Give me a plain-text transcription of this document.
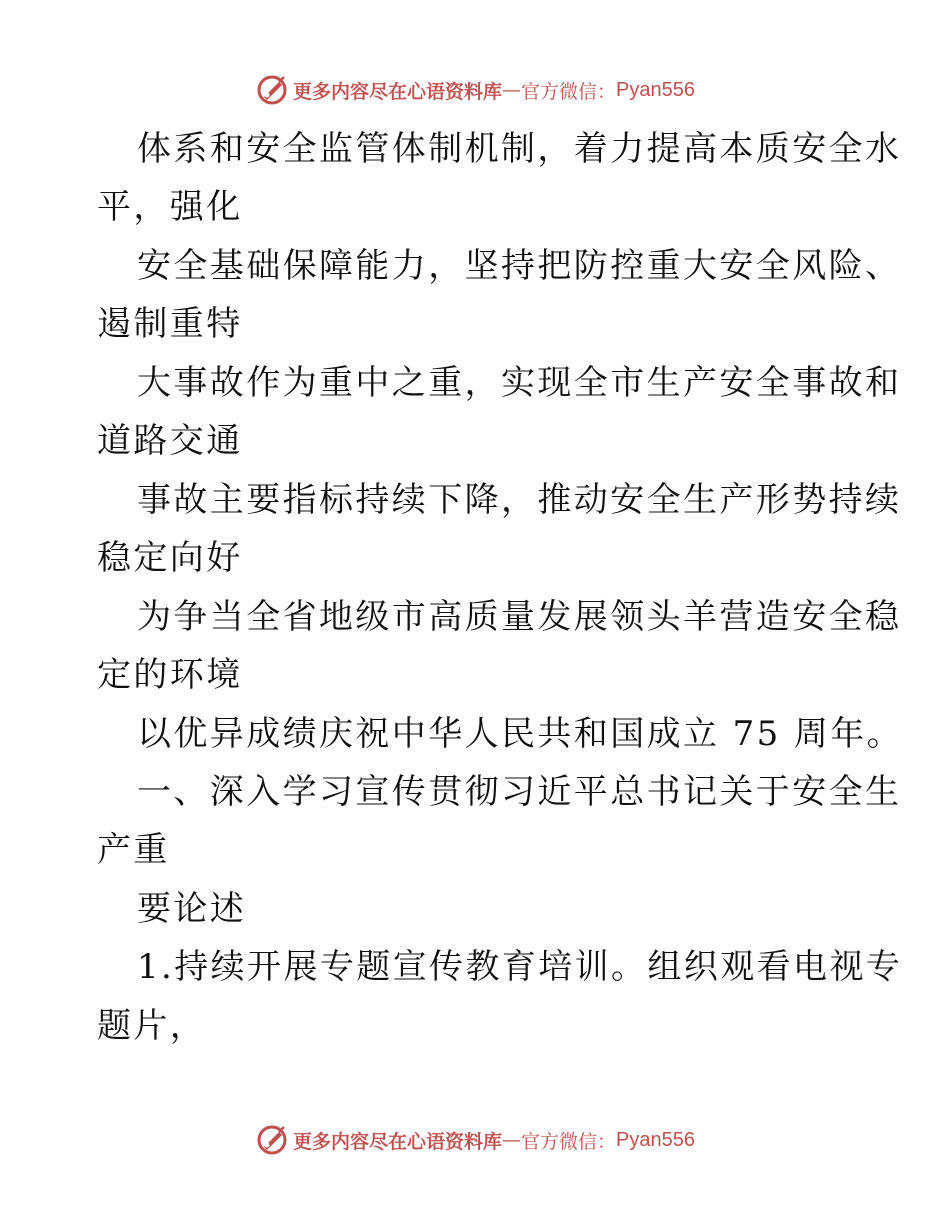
更多内容尽在心语资料库 — 官方微信： Pyan556
体系和安全监管体制机制，着力提高本质安全水
平，强化
安全基础保障能力，坚持把防控重大安全风险、
遏制重特
大事故作为重中之重，实现全市生产安全事故和
道路交通
事故主要指标持续下降，推动安全生产形势持续
稳定向好
为争当全省地级市高质量发展领头羊营造安全稳
定的环境
以优异成绩庆祝中华人民共和国成立 75 周年。
一、深入学习宣传贯彻习近平总书记关于安全生
产重
要论述
1.持续开展专题宣传教育培训。组织观看电视专
题片，
更多内容尽在心语资料库 — 官方微信： Pyan556
